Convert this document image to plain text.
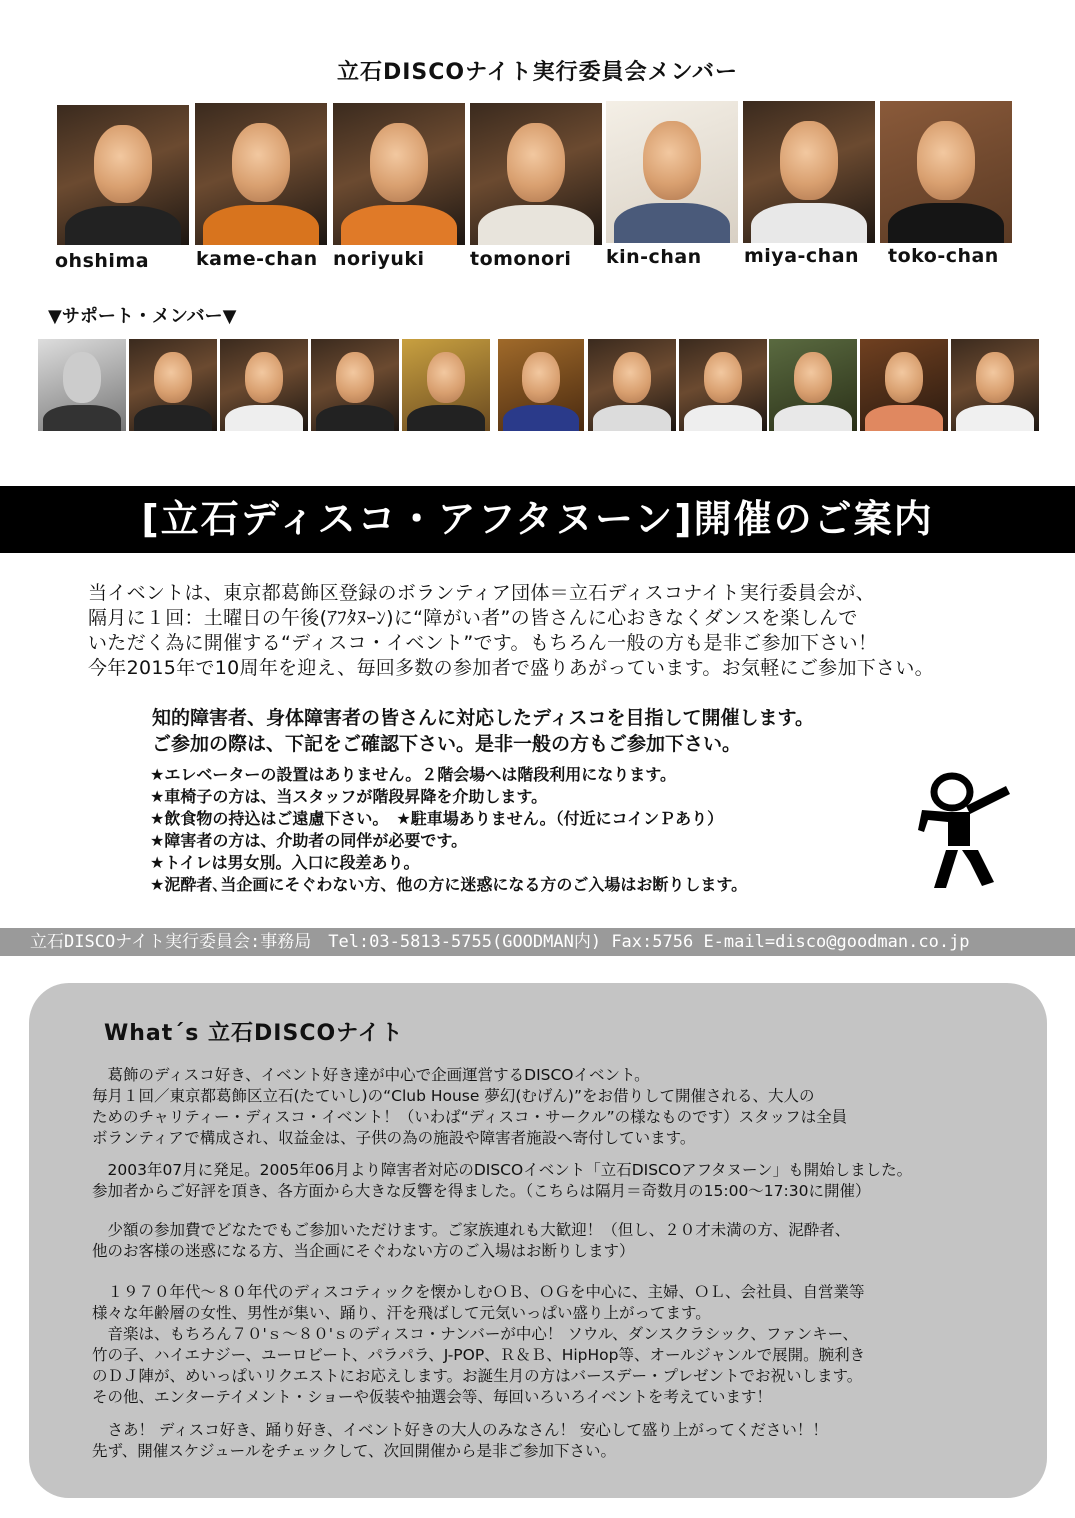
立石DISCOナイト実行委員会メンバー
ohshima kame-chan noriyuki tomonori kin-chan miya-chan toko-chan
▼サポート・メンバー▼
[立石ディスコ・アフタヌーン]開催のご案内

当イベントは、東京都葛飾区登録のボランティア団体＝立石ディスコナイト実行委員会が、

隔月に１回：土曜日の午後(ｱﾌﾀﾇｰﾝ)に“障がい者”の皆さんに心おきなくダンスを楽しんで

いただく為に開催する“ディスコ・イベント”です。もちろん一般の方も是非ご参加下さい！

今年2015年で10周年を迎え、毎回多数の参加者で盛りあがっています。お気軽にご参加下さい。

知的障害者、身体障害者の皆さんに対応したディスコを目指して開催します。

ご参加の際は、下記をご確認下さい。是非一般の方もご参加下さい。

★エレベーターの設置はありません。２階会場へは階段利用になります。

★車椅子の方は、当スタッフが階段昇降を介助します。

★飲食物の持込はご遠慮下さい。　★駐車場ありません。（付近にコインＰあり）

★障害者の方は、介助者の同伴が必要です。

★トイレは男女別。入口に段差あり。

★泥酔者､当企画にそぐわない方、他の方に迷惑になる方のご入場はお断りします。

立石DISCOナイト実行委員会:事務局　Tel:03-5813-5755(GOODMAN内) Fax:5756 E-mail=disco@goodman.co.jp
What´s 立石DISCOナイト

　葛飾のディスコ好き、イベント好き達が中心で企画運営するDISCOイベント。

毎月１回／東京都葛飾区立石(たていし)の“Club House 夢幻(むげん)”をお借りして開催される、大人の

ためのチャリティー・ディスコ・イベント！（いわば“ディスコ・サークル”の様なものです）スタッフは全員

ボランティアで構成され、収益金は、子供の為の施設や障害者施設へ寄付しています。

　2003年07月に発足。2005年06月より障害者対応のDISCOイベント「立石DISCOアフタヌーン」も開始しました。

参加者からご好評を頂き、各方面から大きな反響を得ました。（こちらは隔月＝奇数月の15:00～17:30に開催）

　少額の参加費でどなたでもご参加いただけます。ご家族連れも大歓迎！（但し、２０才未満の方、泥酔者、

他のお客様の迷惑になる方、当企画にそぐわない方のご入場はお断りします）

　１９７０年代～８０年代のディスコティックを懐かしむＯＢ、ＯＧを中心に、主婦、ＯＬ、会社員、自営業等

様々な年齢層の女性、男性が集い、踊り、汗を飛ばして元気いっぱい盛り上がってます。

　音楽は、もちろん７０'ｓ～８０'ｓのディスコ・ナンバーが中心！ ソウル、ダンスクラシック、ファンキー、

竹の子、ハイエナジー、ユーロビート、パラパラ、J-POP、Ｒ＆Ｂ、HipHop等、オールジャンルで展開。腕利き

のＤＪ陣が、めいっぱいリクエストにお応えします。お誕生月の方はバースデー・プレゼントでお祝いします。

その他、エンターテイメント・ショーや仮装や抽選会等、毎回いろいろイベントを考えています！

　さあ！ ディスコ好き、踊り好き、イベント好きの大人のみなさん！ 安心して盛り上がってください！！

先ず、開催スケジュールをチェックして、次回開催から是非ご参加下さい。
